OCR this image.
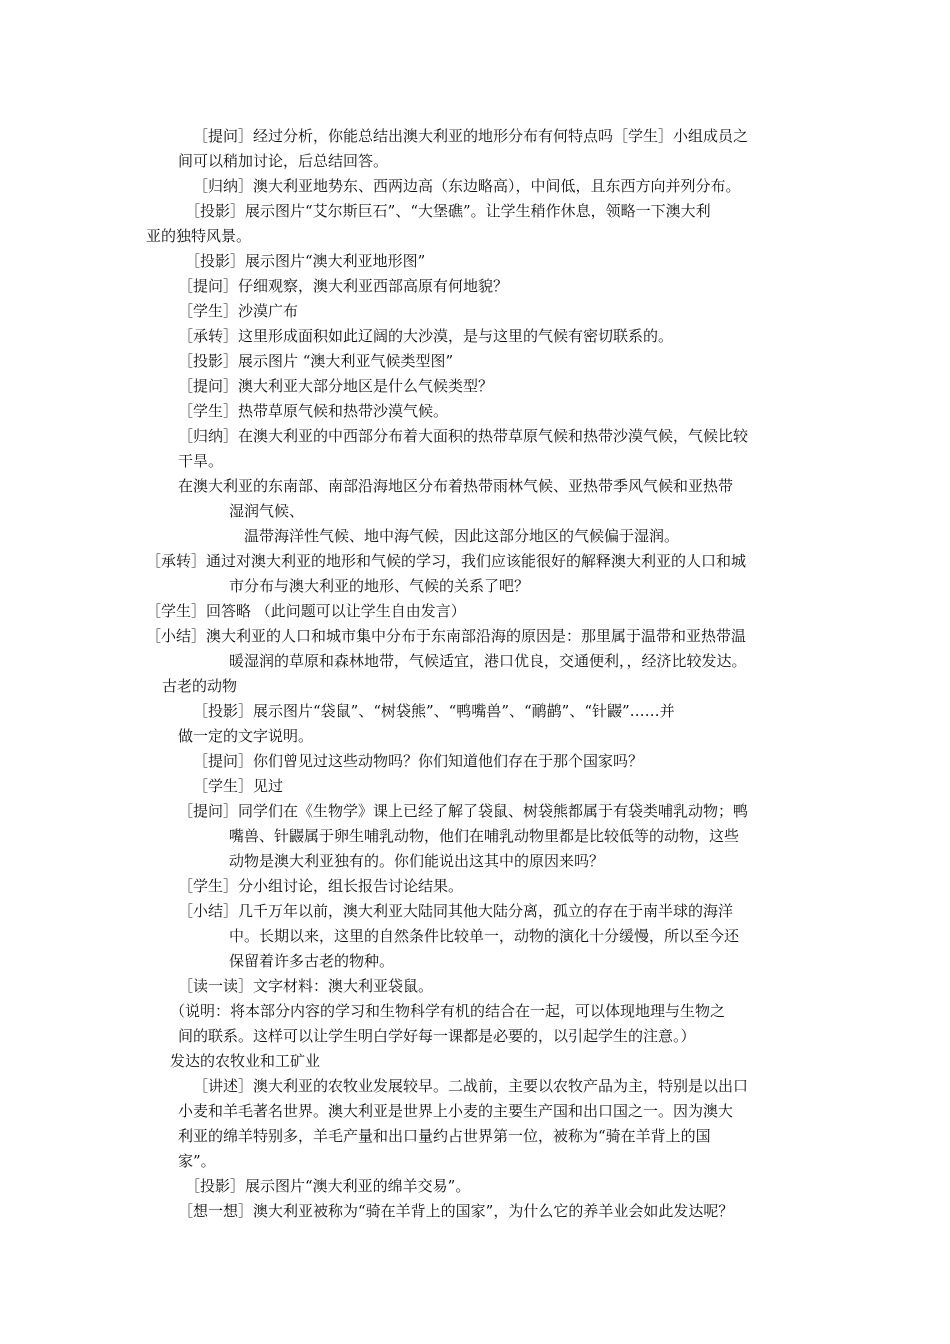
［提问］经过分析，你能总结出澳大利亚的地形分布有何特点吗［学生］小组成员之
间可以稍加讨论，后总结回答。
［归纳］澳大利亚地势东、西两边高（东边略高），中间低，且东西方向并列分布。
［投影］展示图片“艾尔斯巨石”、“大堡礁”。让学生稍作休息，领略一下澳大利
亚的独特风景。
［投影］展示图片“澳大利亚地形图”
［提问］仔细观察，澳大利亚西部高原有何地貌？
［学生］沙漠广布
［承转］这里形成面积如此辽阔的大沙漠，是与这里的气候有密切联系的。
［投影］展示图片 “澳大利亚气候类型图”
［提问］澳大利亚大部分地区是什么气候类型？
［学生］热带草原气候和热带沙漠气候。
［归纳］在澳大利亚的中西部分布着大面积的热带草原气候和热带沙漠气候，气候比较
干旱。
在澳大利亚的东南部、南部沿海地区分布着热带雨林气候、亚热带季风气候和亚热带
湿润气候、
温带海洋性气候、地中海气候，因此这部分地区的气候偏于湿润。
［承转］通过对澳大利亚的地形和气候的学习，我们应该能很好的解释澳大利亚的人口和城
市分布与澳大利亚的地形、气候的关系了吧？
［学生］回答略 （此问题可以让学生自由发言）
［小结］澳大利亚的人口和城市集中分布于东南部沿海的原因是：那里属于温带和亚热带温
暖湿润的草原和森林地带，气候适宜，港口优良，交通便利，，经济比较发达。
古老的动物
［投影］展示图片“袋鼠”、“树袋熊”、“鸭嘴兽”、“鸸鹋”、“针鼹”……并
做一定的文字说明。
［提问］你们曾见过这些动物吗？你们知道他们存在于那个国家吗？
［学生］见过
［提问］同学们在《生物学》课上已经了解了袋鼠、树袋熊都属于有袋类哺乳动物；鸭
嘴兽、针鼹属于卵生哺乳动物，他们在哺乳动物里都是比较低等的动物，这些
动物是澳大利亚独有的。你们能说出这其中的原因来吗？
［学生］分小组讨论，组长报告讨论结果。
［小结］几千万年以前，澳大利亚大陆同其他大陆分离，孤立的存在于南半球的海洋
中。长期以来，这里的自然条件比较单一，动物的演化十分缓慢，所以至今还
保留着许多古老的物种。
［读一读］文字材料：澳大利亚袋鼠。
（说明：将本部分内容的学习和生物科学有机的结合在一起，可以体现地理与生物之
间的联系。这样可以让学生明白学好每一课都是必要的，以引起学生的注意。）
发达的农牧业和工矿业
［讲述］澳大利亚的农牧业发展较早。二战前，主要以农牧产品为主，特别是以出口
小麦和羊毛著名世界。澳大利亚是世界上小麦的主要生产国和出口国之一。因为澳大
利亚的绵羊特别多，羊毛产量和出口量约占世界第一位，被称为“骑在羊背上的国
家”。
［投影］展示图片“澳大利亚的绵羊交易”。
［想一想］澳大利亚被称为“骑在羊背上的国家”，为什么它的养羊业会如此发达呢？
